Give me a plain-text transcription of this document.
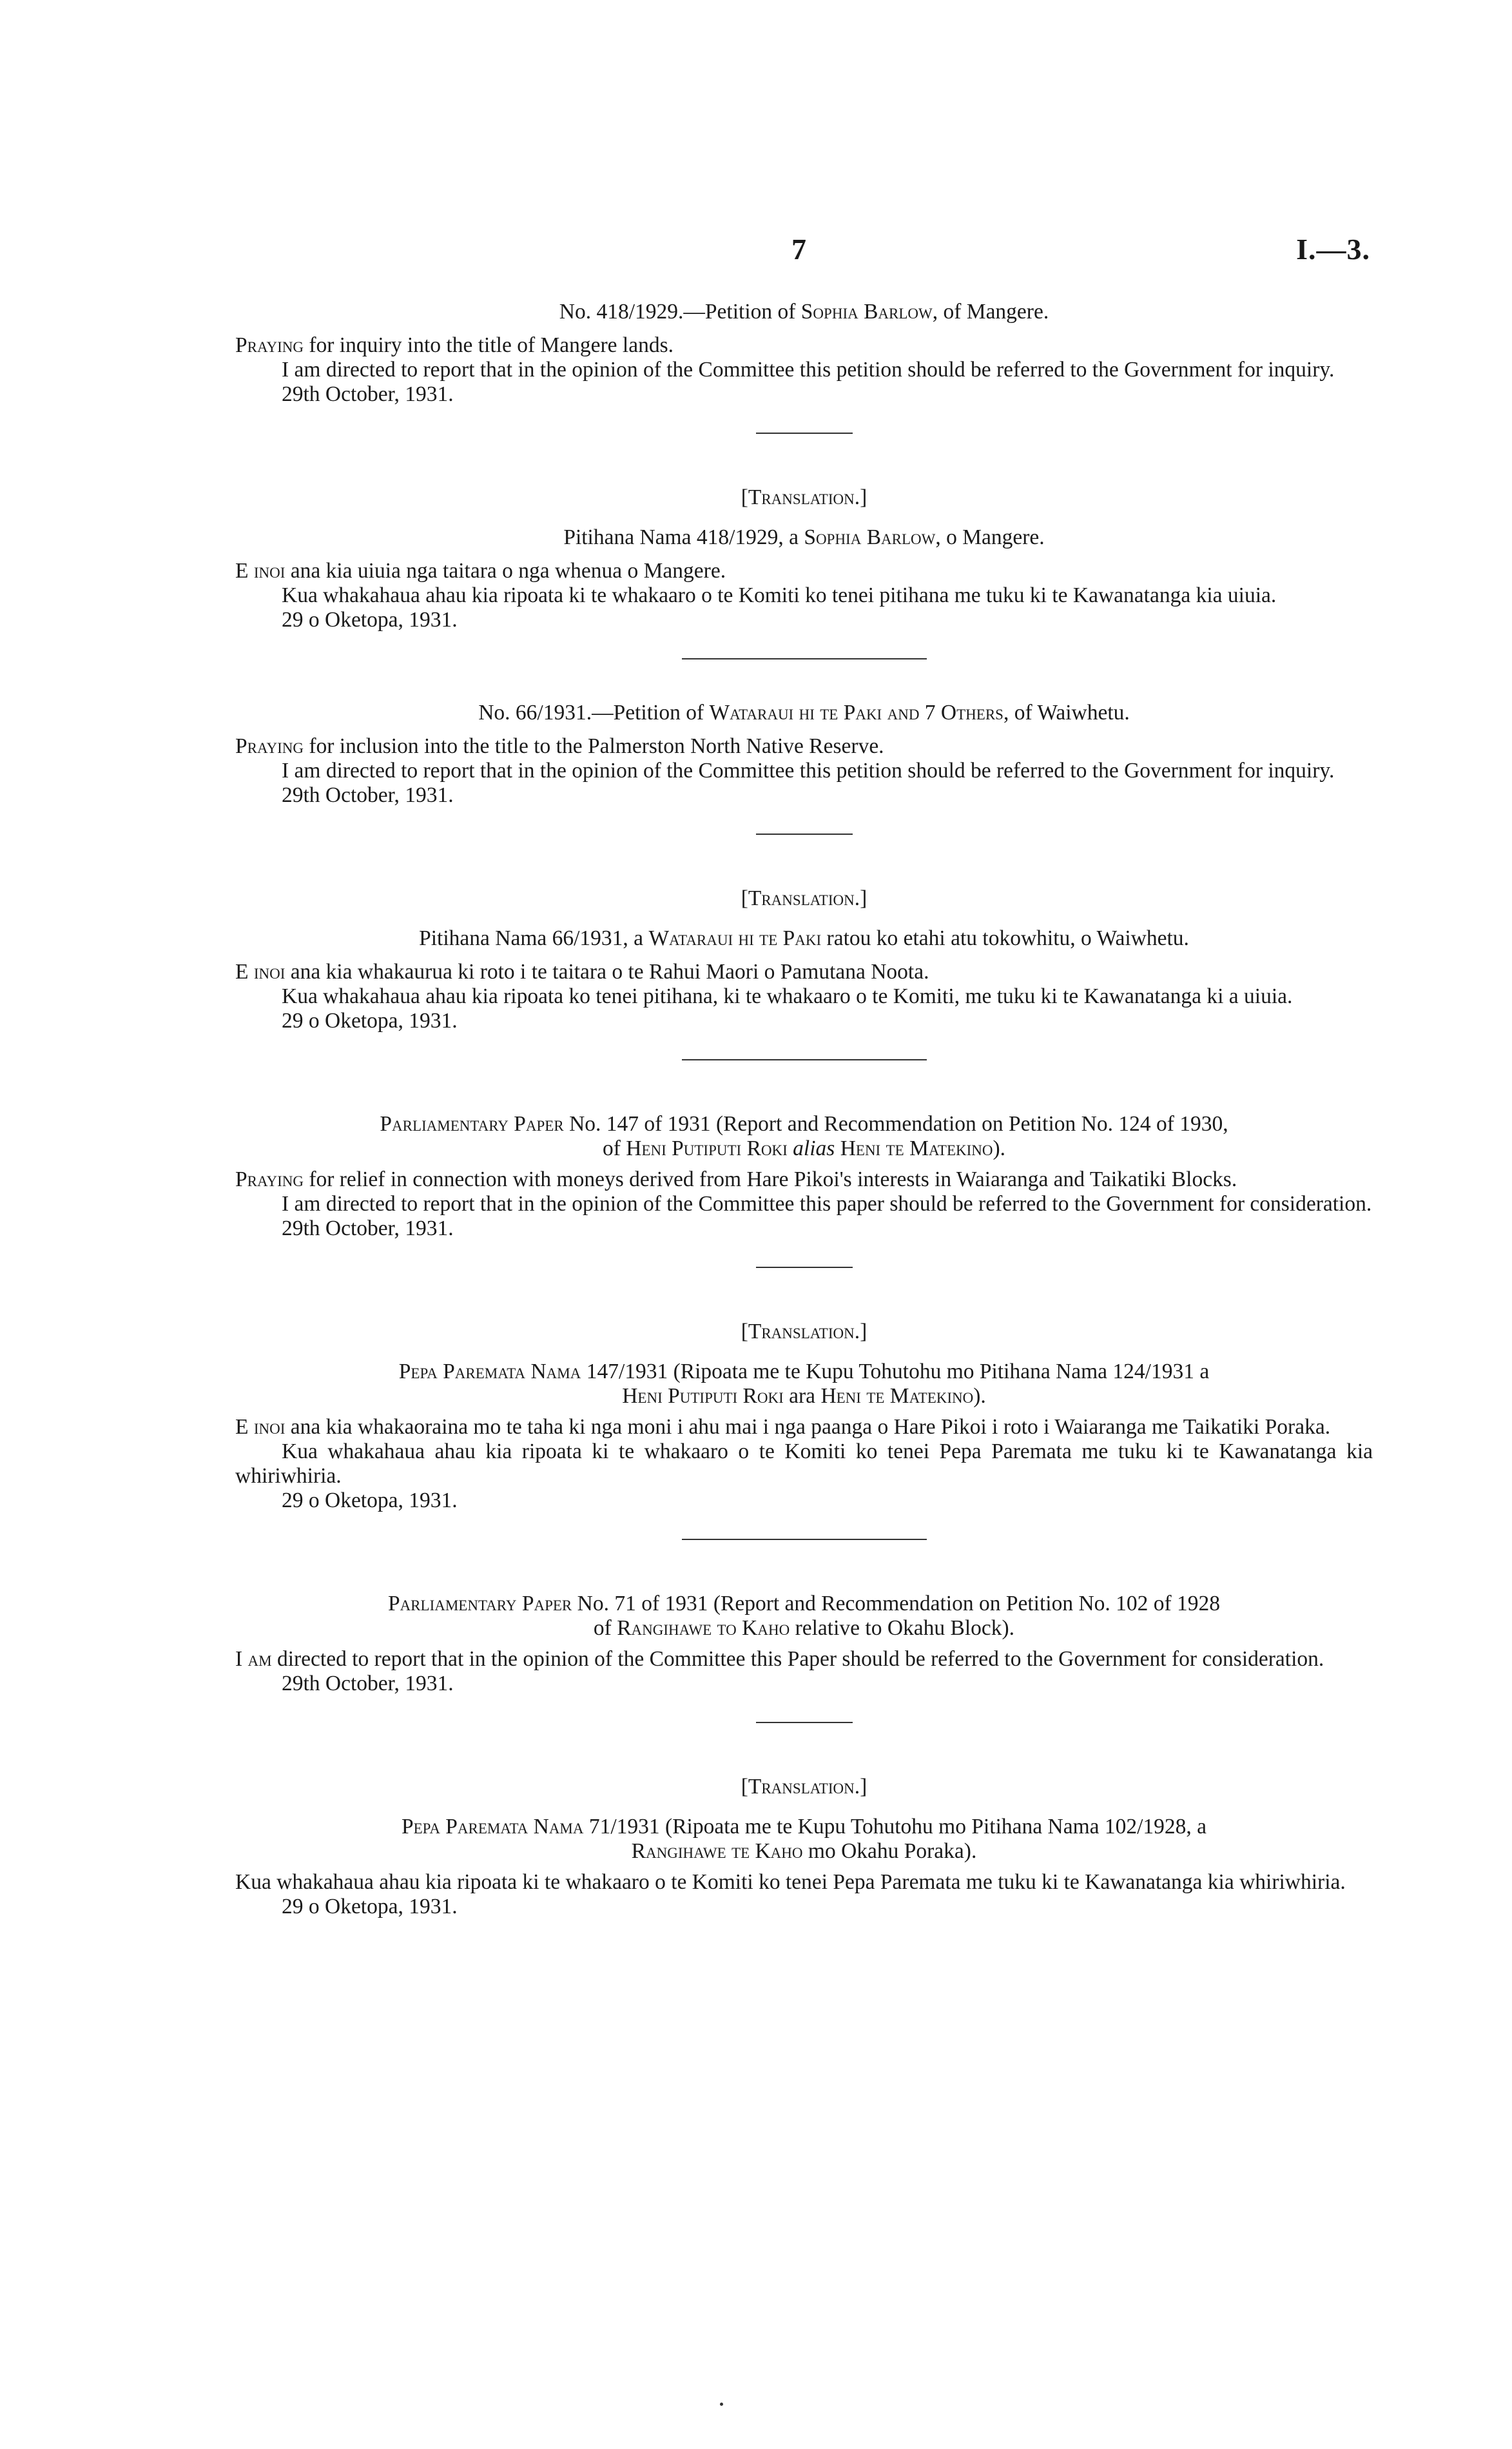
7	I.—3.

No. 418/1929.—Petition of Sophia Barlow, of Mangere.

Praying for inquiry into the title of Mangere lands.

I am directed to report that in the opinion of the Committee this petition should be referred to the Government for inquiry.

29th October, 1931.

[Translation.]

Pitihana Nama 418/1929, a Sophia Barlow, o Mangere.

E inoi ana kia uiuia nga taitara o nga whenua o Mangere.

Kua whakahaua ahau kia ripoata ki te whakaaro o te Komiti ko tenei pitihana me tuku ki te Kawanatanga kia uiuia.

29 o Oketopa, 1931.

No. 66/1931.—Petition of Wataraui hi te Paki and 7 Others, of Waiwhetu.

Praying for inclusion into the title to the Palmerston North Native Reserve.

I am directed to report that in the opinion of the Committee this petition should be referred to the Government for inquiry.

29th October, 1931.

[Translation.]

Pitihana Nama 66/1931, a Wataraui hi te Paki ratou ko etahi atu tokowhitu, o Waiwhetu.

E inoi ana kia whakaurua ki roto i te taitara o te Rahui Maori o Pamutana Noota.

Kua whakahaua ahau kia ripoata ko tenei pitihana, ki te whakaaro o te Komiti, me tuku ki te Kawanatanga ki a uiuia.

29 o Oketopa, 1931.

Parliamentary Paper No. 147 of 1931 (Report and Recommendation on Petition No. 124 of 1930,
of Heni Putiputi Roki alias Heni te Matekino).

Praying for relief in connection with moneys derived from Hare Pikoi's interests in Waiaranga and Taikatiki Blocks.

I am directed to report that in the opinion of the Committee this paper should be referred to the Government for consideration.

29th October, 1931.

[Translation.]

Pepa Paremata Nama 147/1931 (Ripoata me te Kupu Tohutohu mo Pitihana Nama 124/1931 a
Heni Putiputi Roki ara Heni te Matekino).

E inoi ana kia whakaoraina mo te taha ki nga moni i ahu mai i nga paanga o Hare Pikoi i roto i Waiaranga me Taikatiki Poraka.

Kua whakahaua ahau kia ripoata ki te whakaaro o te Komiti ko tenei Pepa Paremata me tuku ki te Kawanatanga kia whiriwhiria.

29 o Oketopa, 1931.

Parliamentary Paper No. 71 of 1931 (Report and Recommendation on Petition No. 102 of 1928
of Rangihawe to Kaho relative to Okahu Block).

I am directed to report that in the opinion of the Committee this Paper should be referred to the Government for consideration.

29th October, 1931.

[Translation.]

Pepa Paremata Nama 71/1931 (Ripoata me te Kupu Tohutohu mo Pitihana Nama 102/1928, a
Rangihawe te Kaho mo Okahu Poraka).

Kua whakahaua ahau kia ripoata ki te whakaaro o te Komiti ko tenei Pepa Paremata me tuku ki te Kawanatanga kia whiriwhiria.

29 o Oketopa, 1931.
